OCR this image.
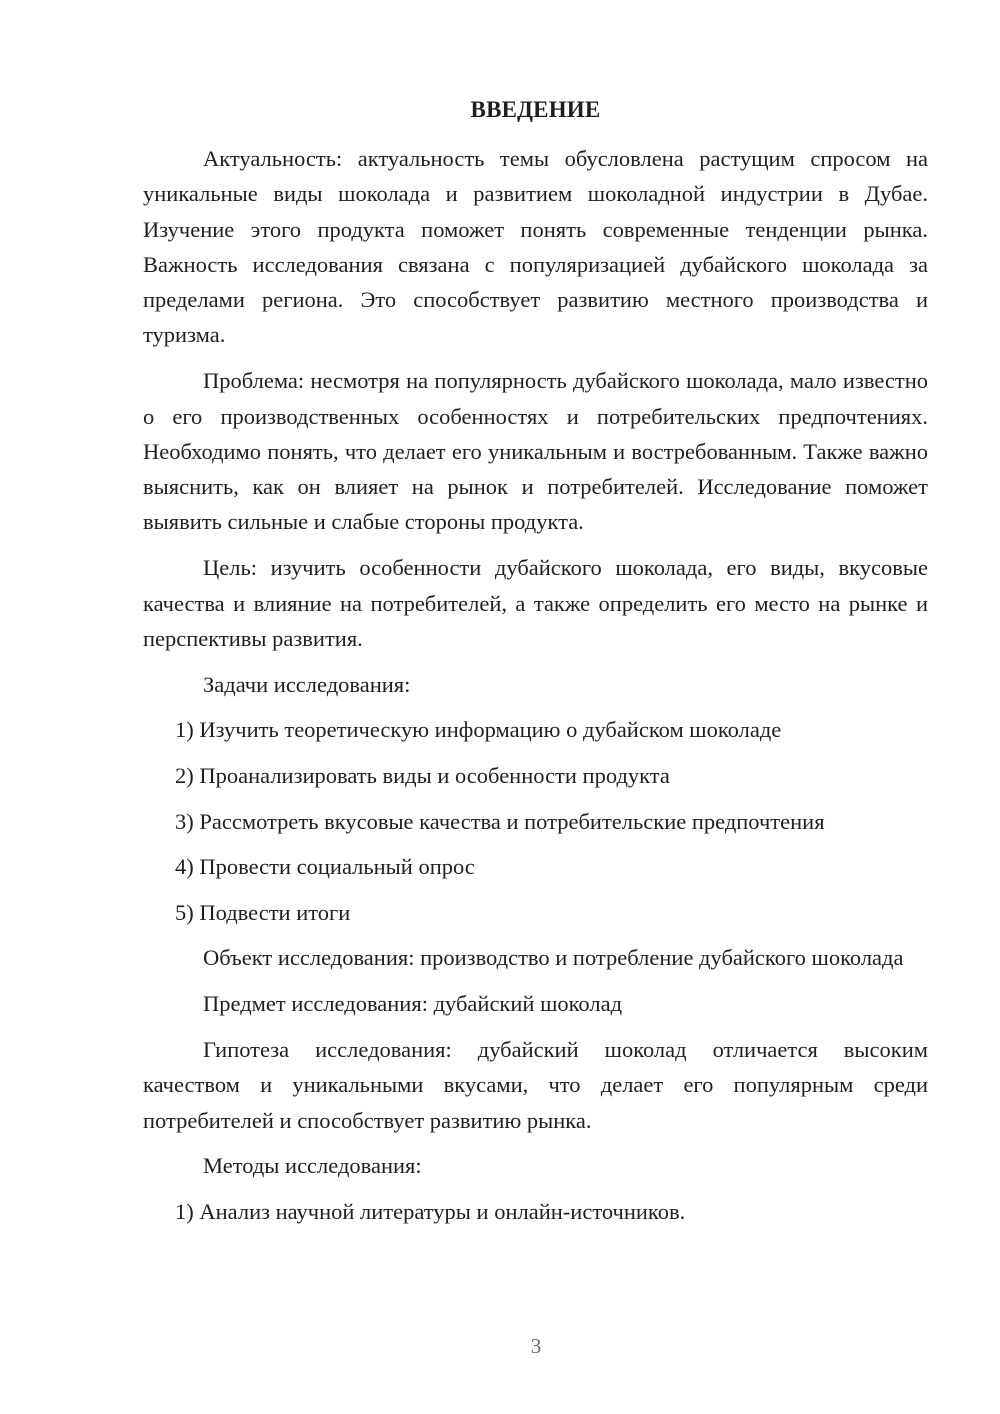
ВВЕДЕНИЕ

Актуальность: актуальность темы обусловлена растущим спросом на уникальные виды шоколада и развитием шоколадной индустрии в Дубае. Изучение этого продукта поможет понять современные тенденции рынка. Важность исследования связана с популяризацией дубайского шоколада за пределами региона. Это способствует развитию местного производства и туризма.

Проблема: несмотря на популярность дубайского шоколада, мало известно о его производственных особенностях и потребительских предпочтениях. Необходимо понять, что делает его уникальным и востребованным. Также важно выяснить, как он влияет на рынок и потребителей. Исследование поможет выявить сильные и слабые стороны продукта.

Цель: изучить особенности дубайского шоколада, его виды, вкусовые качества и влияние на потребителей, а также определить его место на рынке и перспективы развития.

Задачи исследования:

1) Изучить теоретическую информацию о дубайском шоколаде

2) Проанализировать виды и особенности продукта

3) Рассмотреть вкусовые качества и потребительские предпочтения

4) Провести социальный опрос

5) Подвести итоги

Объект исследования: производство и потребление дубайского шоколада

Предмет исследования: дубайский шоколад

Гипотеза исследования: дубайский шоколад отличается высоким качеством и уникальными вкусами, что делает его популярным среди потребителей и способствует развитию рынка.

Методы исследования:

1) Анализ научной литературы и онлайн-источников.

3
